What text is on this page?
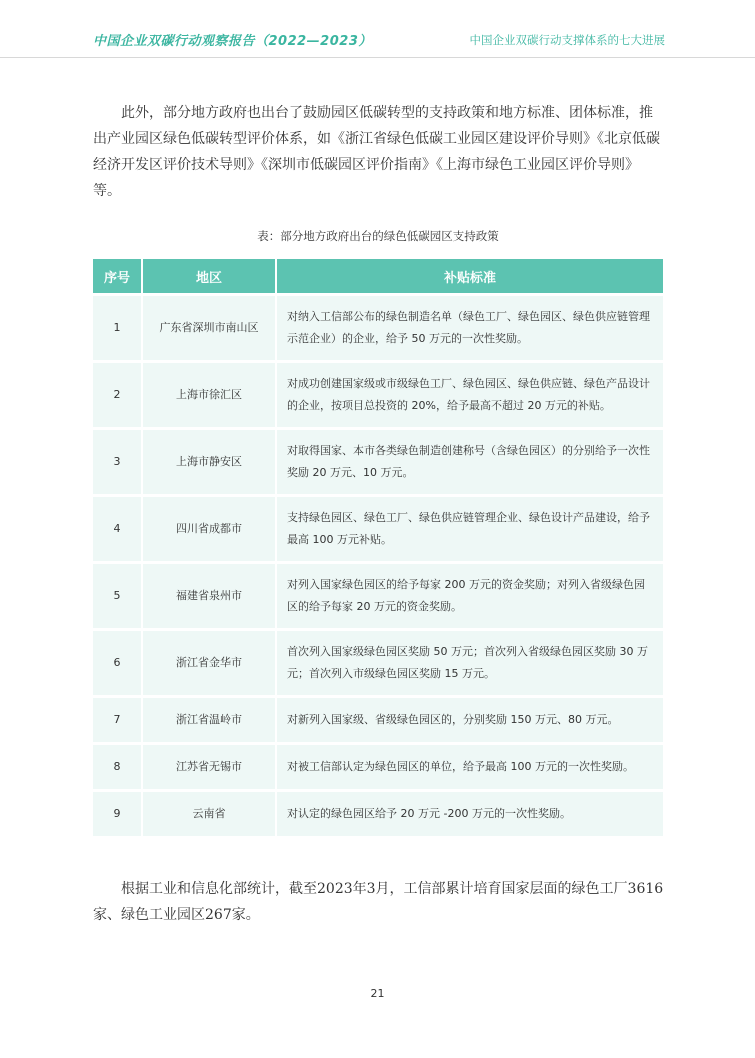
中国企业双碳行动观察报告（2022—2023）	中国企业双碳行动支撑体系的七大进展

此外，部分地方政府也出台了鼓励园区低碳转型的支持政策和地方标准、团体标准，推出产业园区绿色低碳转型评价体系，如《浙江省绿色低碳工业园区建设评价导则》《北京低碳经济开发区评价技术导则》《深圳市低碳园区评价指南》《上海市绿色工业园区评价导则》等。

表：部分地方政府出台的绿色低碳园区支持政策
序号	地区	补贴标准
1	广东省深圳市南山区	对纳入工信部公布的绿色制造名单（绿色工厂、绿色园区、绿色供应链管理示范企业）的企业，给予 50 万元的一次性奖励。
2	上海市徐汇区	对成功创建国家级或市级绿色工厂、绿色园区、绿色供应链、绿色产品设计的企业，按项目总投资的 20%，给予最高不超过 20 万元的补贴。
3	上海市静安区	对取得国家、本市各类绿色制造创建称号（含绿色园区）的分别给予一次性奖励 20 万元、10 万元。
4	四川省成都市	支持绿色园区、绿色工厂、绿色供应链管理企业、绿色设计产品建设，给予最高 100 万元补贴。
5	福建省泉州市	对列入国家绿色园区的给予每家 200 万元的资金奖励；对列入省级绿色园区的给予每家 20 万元的资金奖励。
6	浙江省金华市	首次列入国家级绿色园区奖励 50 万元；首次列入省级绿色园区奖励 30 万元；首次列入市级绿色园区奖励 15 万元。
7	浙江省温岭市	对新列入国家级、省级绿色园区的，分别奖励 150 万元、80 万元。
8	江苏省无锡市	对被工信部认定为绿色园区的单位，给予最高 100 万元的一次性奖励。
9	云南省	对认定的绿色园区给予 20 万元 -200 万元的一次性奖励。

根据工业和信息化部统计，截至2023年3月，工信部累计培育国家层面的绿色工厂3616家、绿色工业园区267家。

21
